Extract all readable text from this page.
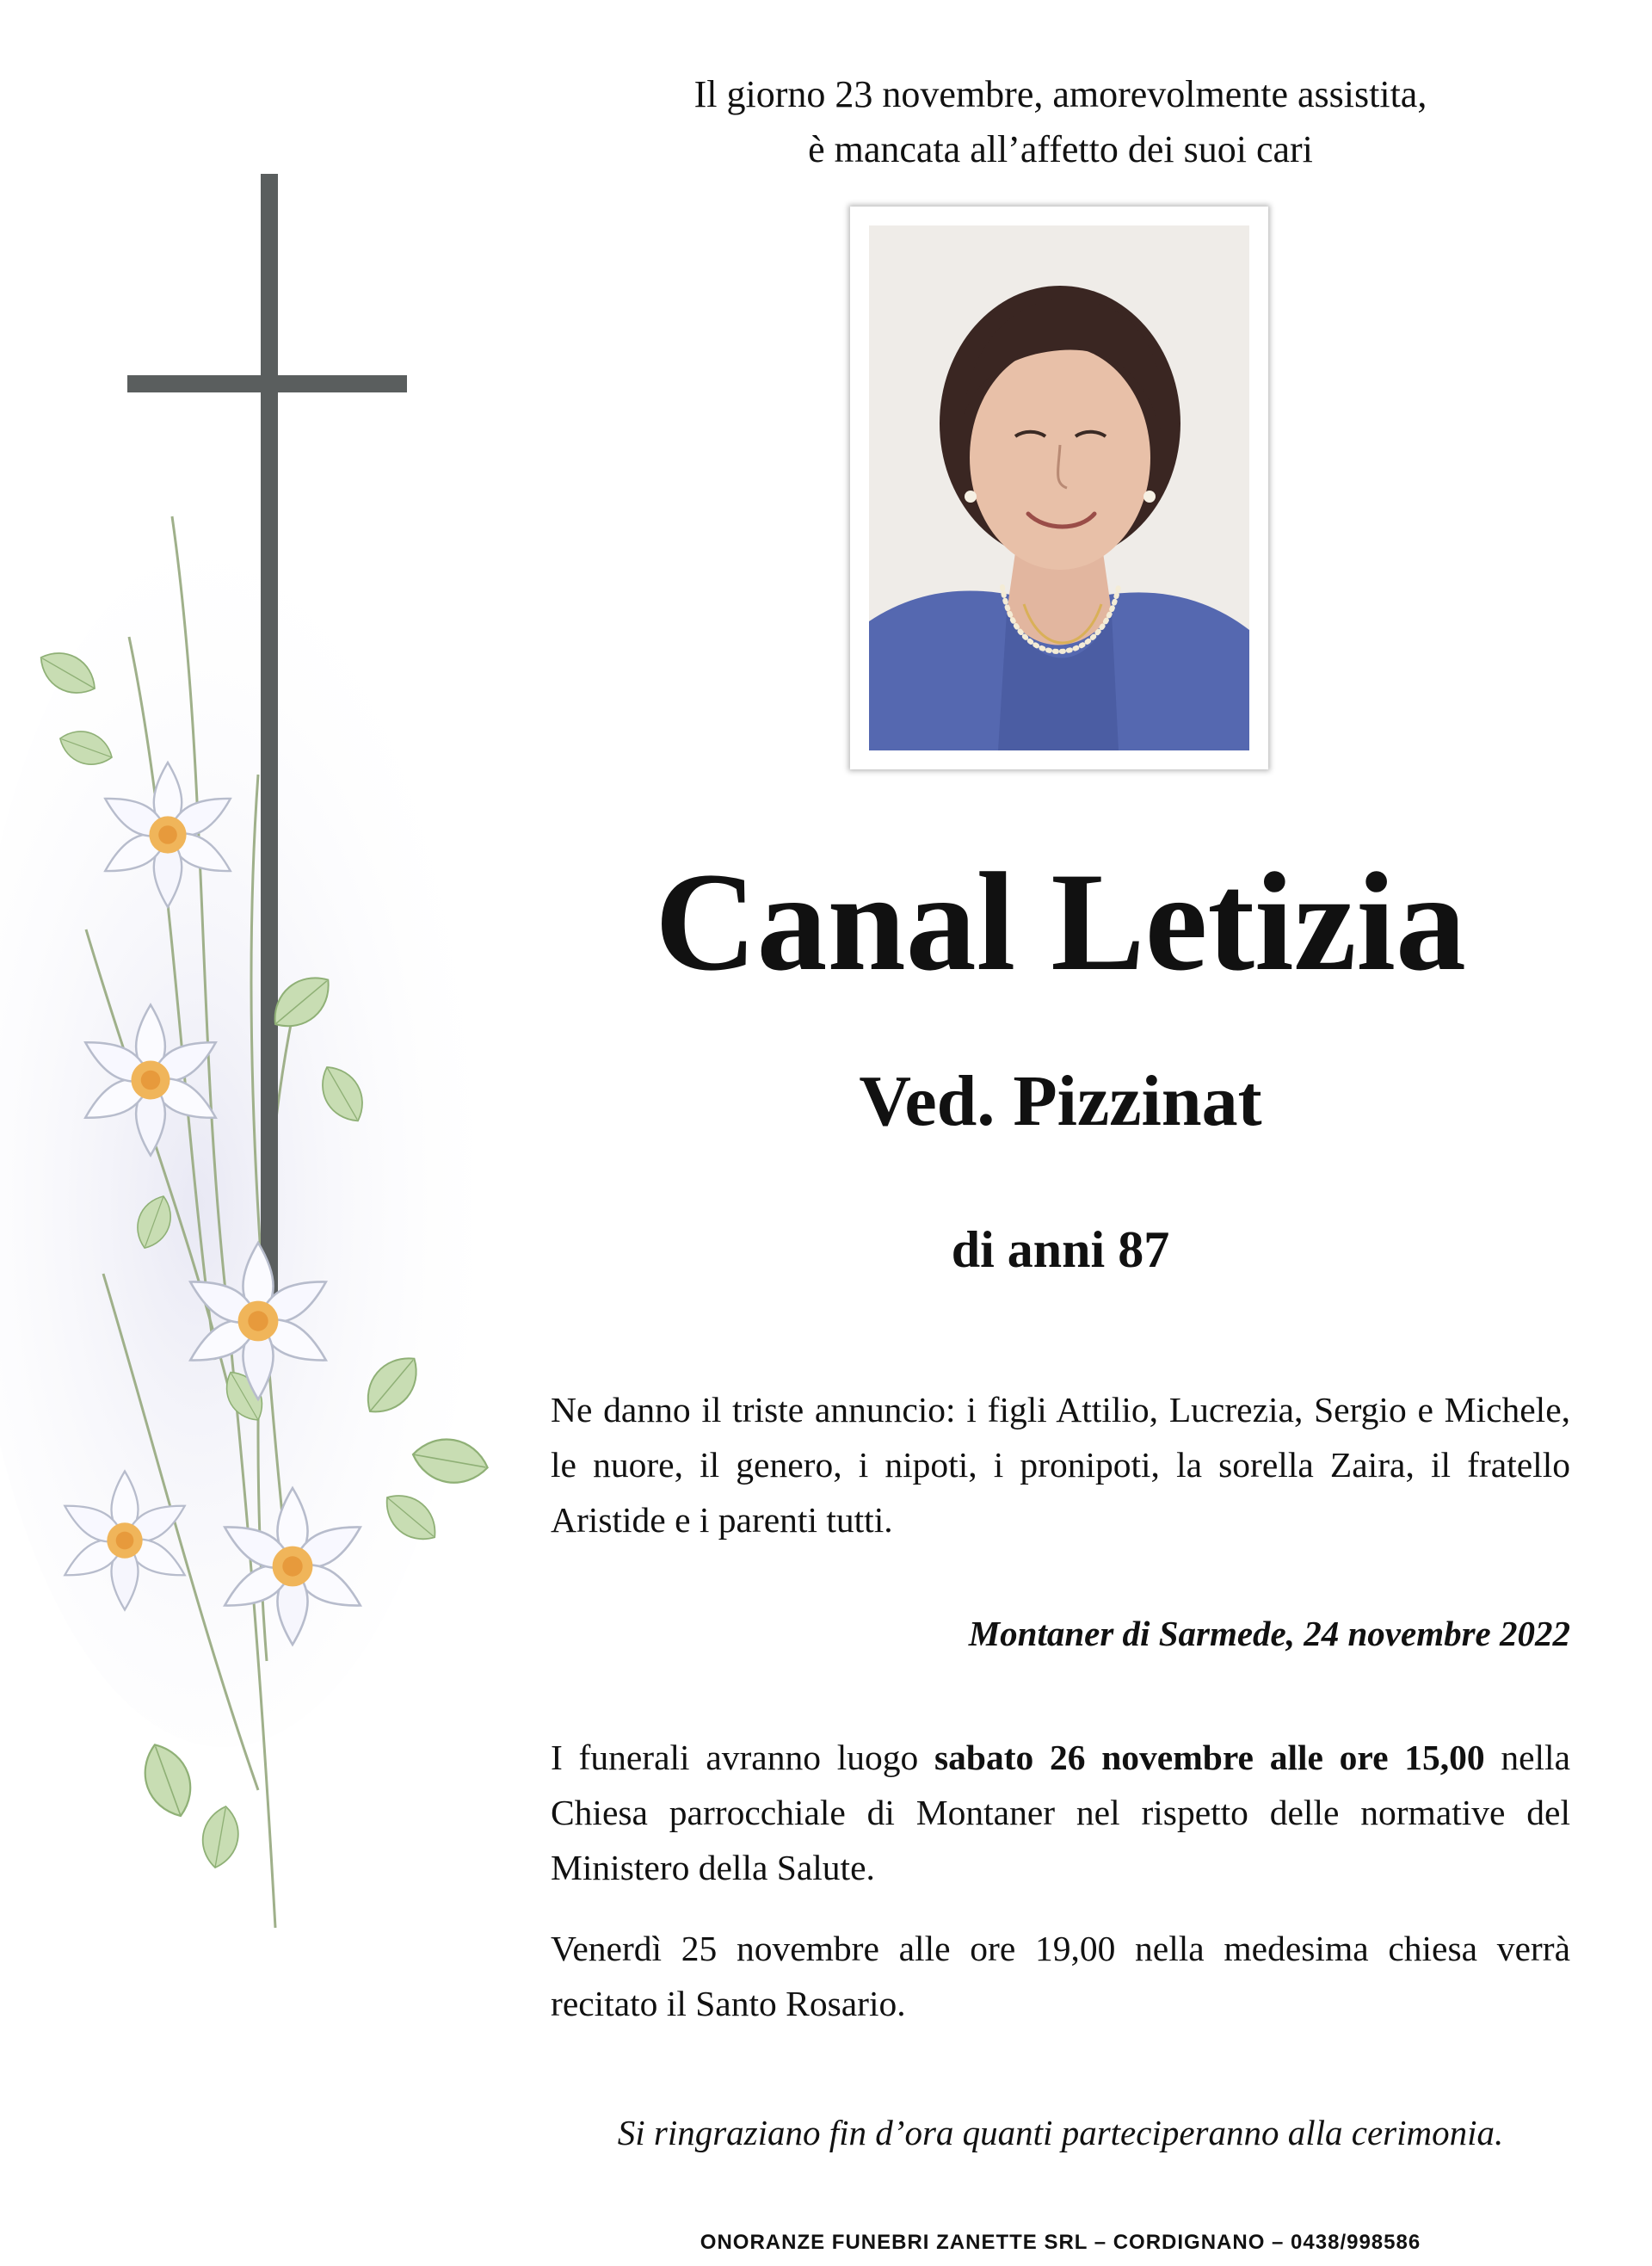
Il giorno 23 novembre, amorevolmente assistita,
è mancata all’affetto dei suoi cari
Canal Letizia
Ved. Pizzinat
di anni 87
Ne danno il triste annuncio: i figli Attilio, Lucrezia, Sergio e Michele, le nuore, il genero, i nipoti, i pronipoti, la sorella Zaira, il fratello Aristide e i parenti tutti.
Montaner di Sarmede, 24 novembre 2022
I funerali avranno luogo sabato 26 novembre alle ore 15,00 nella Chiesa parrocchiale di Montaner nel rispetto delle normative del Ministero della Salute.
Venerdì 25 novembre alle ore 19,00 nella medesima chiesa verrà recitato il Santo Rosario.
Si ringraziano fin d’ora quanti parteciperanno alla cerimonia.
ONORANZE FUNEBRI ZANETTE SRL – CORDIGNANO – 0438/998586
